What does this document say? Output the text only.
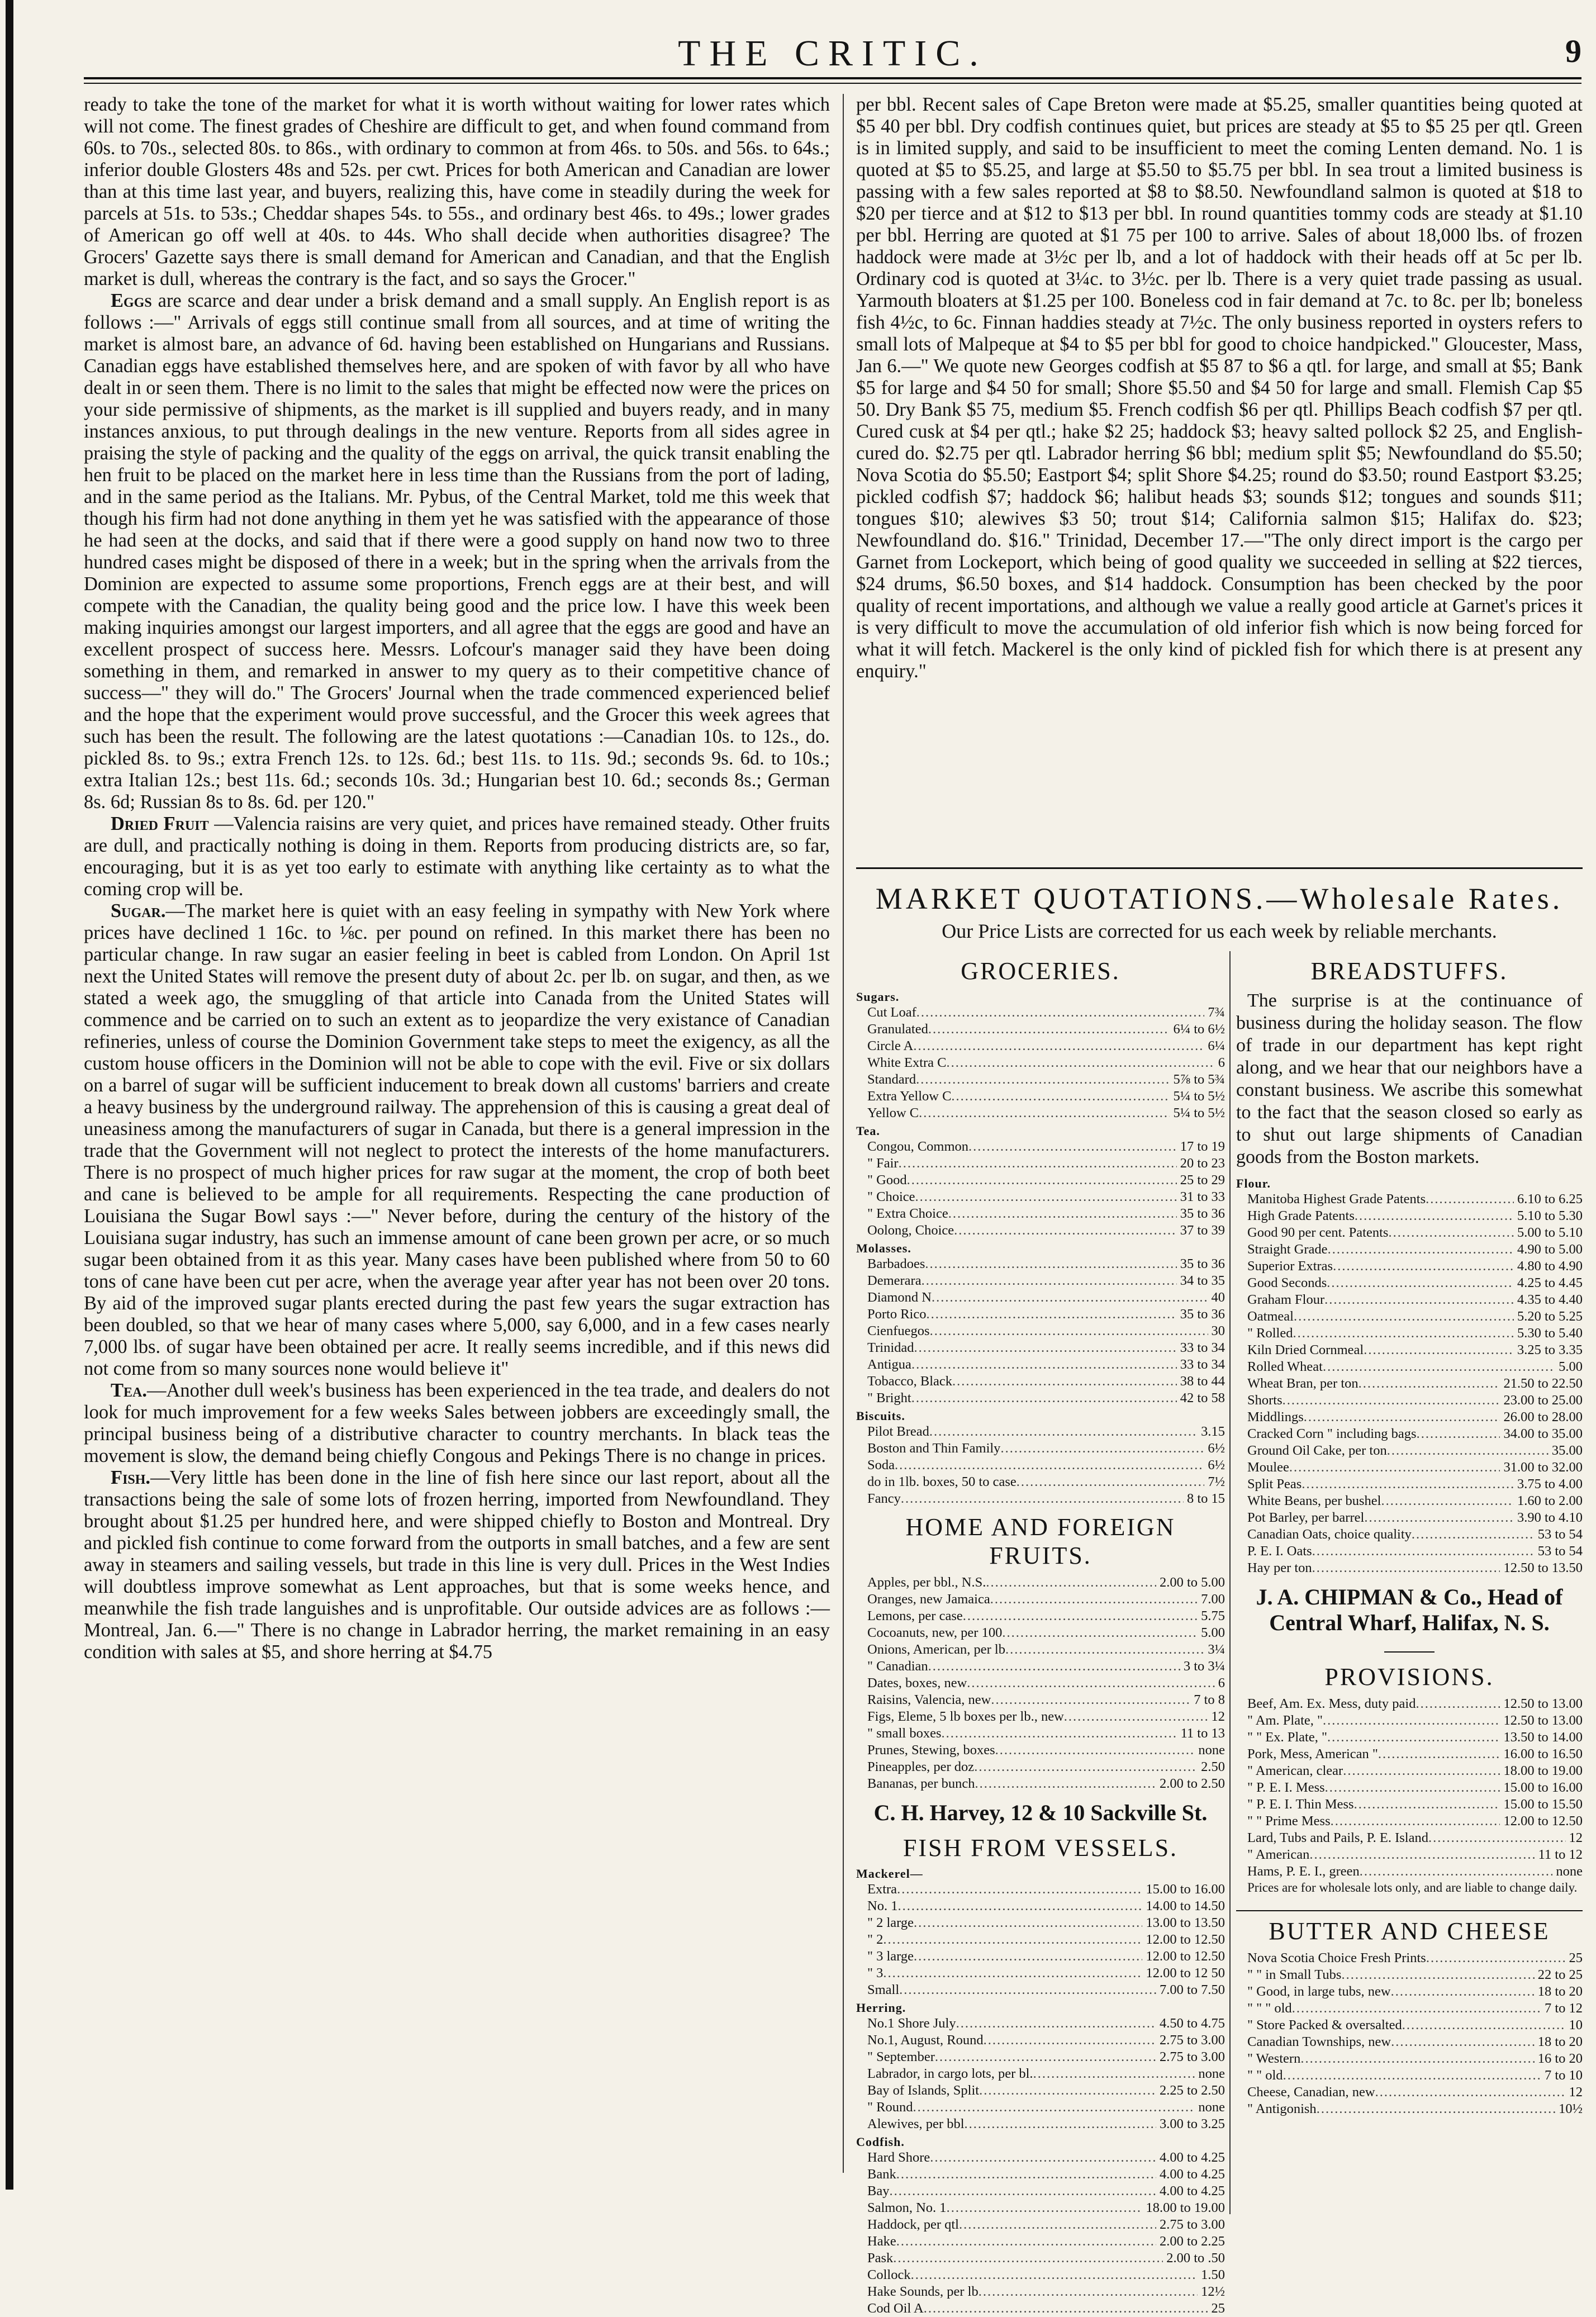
THE CRITIC.	9

ready to take the tone of the market for what it is worth without waiting for lower rates which will not come. The finest grades of Cheshire are difficult to get, and when found command from 60s. to 70s., selected 80s. to 86s., with ordinary to common at from 46s. to 50s. and 56s. to 64s.; inferior double Glosters 48s and 52s. per cwt. Prices for both American and Canadian are lower than at this time last year, and buyers, realizing this, have come in steadily during the week for parcels at 51s. to 53s.; Cheddar shapes 54s. to 55s., and ordinary best 46s. to 49s.; lower grades of American go off well at 40s. to 44s. Who shall decide when authorities disagree? The Grocers' Gazette says there is small demand for American and Canadian, and that the English market is dull, whereas the contrary is the fact, and so says the Grocer."

Eggs are scarce and dear under a brisk demand and a small supply. An English report is as follows :—" Arrivals of eggs still continue small from all sources, and at time of writing the market is almost bare, an advance of 6d. having been established on Hungarians and Russians. Canadian eggs have established themselves here, and are spoken of with favor by all who have dealt in or seen them. There is no limit to the sales that might be effected now were the prices on your side permissive of shipments, as the market is ill supplied and buyers ready, and in many instances anxious, to put through dealings in the new venture. Reports from all sides agree in praising the style of packing and the quality of the eggs on arrival, the quick transit enabling the hen fruit to be placed on the market here in less time than the Russians from the port of lading, and in the same period as the Italians. Mr. Pybus, of the Central Market, told me this week that though his firm had not done anything in them yet he was satisfied with the appearance of those he had seen at the docks, and said that if there were a good supply on hand now two to three hundred cases might be disposed of there in a week; but in the spring when the arrivals from the Dominion are expected to assume some proportions, French eggs are at their best, and will compete with the Canadian, the quality being good and the price low. I have this week been making inquiries amongst our largest importers, and all agree that the eggs are good and have an excellent prospect of success here. Messrs. Lofcour's manager said they have been doing something in them, and remarked in answer to my query as to their competitive chance of success—" they will do." The Grocers' Journal when the trade commenced experienced belief and the hope that the experiment would prove successful, and the Grocer this week agrees that such has been the result. The following are the latest quotations :—Canadian 10s. to 12s., do. pickled 8s. to 9s.; extra French 12s. to 12s. 6d.; best 11s. to 11s. 9d.; seconds 9s. 6d. to 10s.; extra Italian 12s.; best 11s. 6d.; seconds 10s. 3d.; Hungarian best 10. 6d.; seconds 8s.; German 8s. 6d; Russian 8s to 8s. 6d. per 120."

Dried Fruit —Valencia raisins are very quiet, and prices have remained steady. Other fruits are dull, and practically nothing is doing in them. Reports from producing districts are, so far, encouraging, but it is as yet too early to estimate with anything like certainty as to what the coming crop will be.

Sugar.—The market here is quiet with an easy feeling in sympathy with New York where prices have declined 1 16c. to ⅛c. per pound on refined. In this market there has been no particular change. In raw sugar an easier feeling in beet is cabled from London. On April 1st next the United States will remove the present duty of about 2c. per lb. on sugar, and then, as we stated a week ago, the smuggling of that article into Canada from the United States will commence and be carried on to such an extent as to jeopardize the very existance of Canadian refineries, unless of course the Dominion Government take steps to meet the exigency, as all the custom house officers in the Dominion will not be able to cope with the evil. Five or six dollars on a barrel of sugar will be sufficient inducement to break down all customs' barriers and create a heavy business by the underground railway. The apprehension of this is causing a great deal of uneasiness among the manufacturers of sugar in Canada, but there is a general impression in the trade that the Government will not neglect to protect the interests of the home manufacturers. There is no prospect of much higher prices for raw sugar at the moment, the crop of both beet and cane is believed to be ample for all requirements. Respecting the cane production of Louisiana the Sugar Bowl says :—" Never before, during the century of the history of the Louisiana sugar industry, has such an immense amount of cane been grown per acre, or so much sugar been obtained from it as this year. Many cases have been published where from 50 to 60 tons of cane have been cut per acre, when the average year after year has not been over 20 tons. By aid of the improved sugar plants erected during the past few years the sugar extraction has been doubled, so that we hear of many cases where 5,000, say 6,000, and in a few cases nearly 7,000 lbs. of sugar have been obtained per acre. It really seems incredible, and if this news did not come from so many sources none would believe it"

Tea.—Another dull week's business has been experienced in the tea trade, and dealers do not look for much improvement for a few weeks Sales between jobbers are exceedingly small, the principal business being of a distributive character to country merchants. In black teas the movement is slow, the demand being chiefly Congous and Pekings There is no change in prices.

Fish.—Very little has been done in the line of fish here since our last report, about all the transactions being the sale of some lots of frozen herring, imported from Newfoundland. They brought about $1.25 per hundred here, and were shipped chiefly to Boston and Montreal. Dry and pickled fish continue to come forward from the outports in small batches, and a few are sent away in steamers and sailing vessels, but trade in this line is very dull. Prices in the West Indies will doubtless improve somewhat as Lent approaches, but that is some weeks hence, and meanwhile the fish trade languishes and is unprofitable. Our outside advices are as follows :—Montreal, Jan. 6.—" There is no change in Labrador herring, the market remaining in an easy condition with sales at $5, and shore herring at $4.75

per bbl. Recent sales of Cape Breton were made at $5.25, smaller quantities being quoted at $5 40 per bbl. Dry codfish continues quiet, but prices are steady at $5 to $5 25 per qtl. Green is in limited supply, and said to be insufficient to meet the coming Lenten demand. No. 1 is quoted at $5 to $5.25, and large at $5.50 to $5.75 per bbl. In sea trout a limited business is passing with a few sales reported at $8 to $8.50. Newfoundland salmon is quoted at $18 to $20 per tierce and at $12 to $13 per bbl. In round quantities tommy cods are steady at $1.10 per bbl. Herring are quoted at $1 75 per 100 to arrive. Sales of about 18,000 lbs. of frozen haddock were made at 3½c per lb, and a lot of haddock with their heads off at 5c per lb. Ordinary cod is quoted at 3¼c. to 3½c. per lb. There is a very quiet trade passing as usual. Yarmouth bloaters at $1.25 per 100. Boneless cod in fair demand at 7c. to 8c. per lb; boneless fish 4½c, to 6c. Finnan haddies steady at 7½c. The only business reported in oysters refers to small lots of Malpeque at $4 to $5 per bbl for good to choice handpicked." Gloucester, Mass, Jan 6.—" We quote new Georges codfish at $5 87 to $6 a qtl. for large, and small at $5; Bank $5 for large and $4 50 for small; Shore $5.50 and $4 50 for large and small. Flemish Cap $5 50. Dry Bank $5 75, medium $5. French codfish $6 per qtl. Phillips Beach codfish $7 per qtl. Cured cusk at $4 per qtl.; hake $2 25; haddock $3; heavy salted pollock $2 25, and English-cured do. $2.75 per qtl. Labrador herring $6 bbl; medium split $5; Newfoundland do $5.50; Nova Scotia do $5.50; Eastport $4; split Shore $4.25; round do $3.50; round Eastport $3.25; pickled codfish $7; haddock $6; halibut heads $3; sounds $12; tongues and sounds $11; tongues $10; alewives $3 50; trout $14; California salmon $15; Halifax do. $23; Newfoundland do. $16." Trinidad, December 17.—"The only direct import is the cargo per Garnet from Lockeport, which being of good quality we succeeded in selling at $22 tierces, $24 drums, $6.50 boxes, and $14 haddock. Consumption has been checked by the poor quality of recent importations, and although we value a really good article at Garnet's prices it is very difficult to move the accumulation of old inferior fish which is now being forced for what it will fetch. Mackerel is the only kind of pickled fish for which there is at present any enquiry."

MARKET QUOTATIONS.—Wholesale Rates.
Our Price Lists are corrected for us each week by reliable merchants.
GROCERIES.
Sugars.
Cut Loaf .....	7¾
Granulated .....	6¼ to 6½
Circle A .....	6¼
White Extra C .....	6
Standard .....	5⅞ to 5¾
Extra Yellow C .....	5¼ to 5½
Yellow C .....	5¼ to 5½
Tea.
Congou, Common .....	17 to 19
" Fair .....	20 to 23
" Good .....	25 to 29
" Choice .....	31 to 33
" Extra Choice .....	35 to 36
Oolong, Choice .....	37 to 39
Molasses.
Barbadoes .....	35 to 36
Demerara .....	34 to 35
Diamond N .....	40
Porto Rico .....	35 to 36
Cienfuegos .....	30
Trinidad .....	33 to 34
Antigua .....	33 to 34
Tobacco, Black .....	38 to 44
" Bright .....	42 to 58
Biscuits.
Pilot Bread .....	3.15
Boston and Thin Family .....	6½
Soda .....	6½
do in 1lb. boxes, 50 to case .....	7½
Fancy .....	8 to 15
HOME AND FOREIGN FRUITS.
Apples, per bbl., N.S. .....	2.00 to 5.00
Oranges, new Jamaica .....	7.00
Lemons, per case .....	5.75
Cocoanuts, new, per 100 .....	5.00
Onions, American, per lb .....	3¼
" Canadian .....	3 to 3¼
Dates, boxes, new .....	6
Raisins, Valencia, new .....	7 to 8
Figs, Eleme, 5 lb boxes per lb., new .....	12
" small boxes .....	11 to 13
Prunes, Stewing, boxes .....	none
Pineapples, per doz .....	2.50
Bananas, per bunch .....	2.00 to 2.50
C. H. Harvey, 12 & 10 Sackville St.
FISH FROM VESSELS.
Mackerel—
Extra .....	15.00 to 16.00
No. 1 .....	14.00 to 14.50
" 2 large .....	13.00 to 13.50
" 2 .....	12.00 to 12.50
" 3 large .....	12.00 to 12.50
" 3 .....	12.00 to 12 50
Small .....	7.00 to 7.50
Herring.
No.1 Shore July .....	4.50 to 4.75
No.1, August, Round .....	2.75 to 3.00
" September .....	2.75 to 3.00
Labrador, in cargo lots, per bl. .....	none
Bay of Islands, Split .....	2.25 to 2.50
" Round .....	none
Alewives, per bbl .....	3.00 to 3.25
Codfish.
Hard Shore .....	4.00 to 4.25
Bank .....	4.00 to 4.25
Bay .....	4.00 to 4.25
Salmon, No. 1 .....	18.00 to 19.00
Haddock, per qtl .....	2.75 to 3.00
Hake .....	2.00 to 2.25
Pask .....	2.00 to .50
Collock .....	1.50
Hake Sounds, per lb .....	12½
Cod Oil A .....	25
BREADSTUFFS.

The surprise is at the continuance of business during the holiday season. The flow of trade in our department has kept right along, and we hear that our neighbors have a constant business. We ascribe this somewhat to the fact that the season closed so early as to shut out large shipments of Canadian goods from the Boston markets.

Flour.
Manitoba Highest Grade Patents .....	6.10 to 6.25
High Grade Patents .....	5.10 to 5.30
Good 90 per cent. Patents .....	5.00 to 5.10
Straight Grade .....	4.90 to 5.00
Superior Extras .....	4.80 to 4.90
Good Seconds .....	4.25 to 4.45
Graham Flour .....	4.35 to 4.40
Oatmeal .....	5.20 to 5.25
" Rolled .....	5.30 to 5.40
Kiln Dried Cornmeal .....	3.25 to 3.35
Rolled Wheat .....	5.00
Wheat Bran, per ton .....	21.50 to 22.50
Shorts .....	23.00 to 25.00
Middlings .....	26.00 to 28.00
Cracked Corn " including bags .....	34.00 to 35.00
Ground Oil Cake, per ton .....	35.00
Moulee .....	31.00 to 32.00
Split Peas .....	3.75 to 4.00
White Beans, per bushel .....	1.60 to 2.00
Pot Barley, per barrel .....	3.90 to 4.10
Canadian Oats, choice quality .....	53 to 54
P. E. I. Oats .....	53 to 54
Hay per ton .....	12.50 to 13.50
J. A. CHIPMAN & Co., Head of Central Wharf, Halifax, N. S.
PROVISIONS.
Beef, Am. Ex. Mess, duty paid .....	12.50 to 13.00
" Am. Plate, " .....	12.50 to 13.00
" " Ex. Plate, " .....	13.50 to 14.00
Pork, Mess, American " .....	16.00 to 16.50
" American, clear .....	18.00 to 19.00
" P. E. I. Mess .....	15.00 to 16.00
" P. E. I. Thin Mess .....	15.00 to 15.50
" " Prime Mess .....	12.00 to 12.50
Lard, Tubs and Pails, P. E. Island .....	12
" American .....	11 to 12
Hams, P. E. I., green .....	none
Prices are for wholesale lots only, and are liable to change daily.
BUTTER AND CHEESE
Nova Scotia Choice Fresh Prints .....	25
" " in Small Tubs .....	22 to 25
" Good, in large tubs, new .....	18 to 20
" " " old .....	7 to 12
" Store Packed & oversalted .....	10
Canadian Townships, new .....	18 to 20
" Western .....	16 to 20
" " old .....	7 to 10
Cheese, Canadian, new .....	12
" Antigonish .....	10½
